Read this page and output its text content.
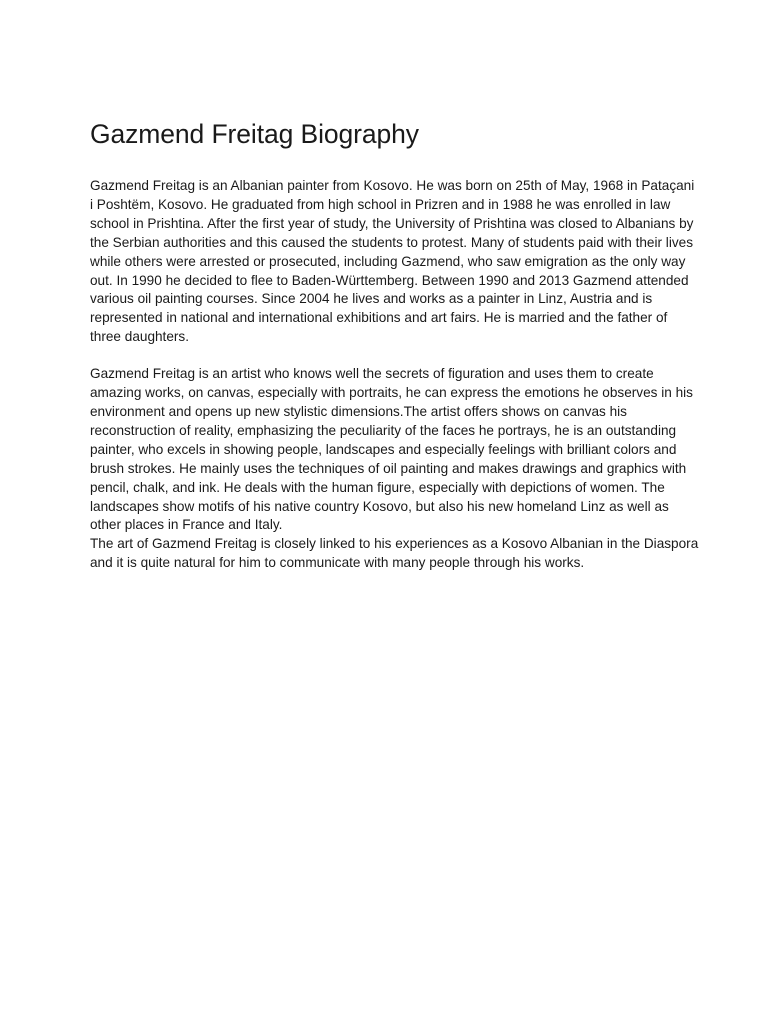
Gazmend Freitag Biography

Gazmend Freitag is an Albanian painter from Kosovo. He was born on 25th of May, 1968 in Pataçani i Poshtëm, Kosovo. He graduated from high school in Prizren and in 1988 he was enrolled in law school in Prishtina. After the first year of study, the University of Prishtina was closed to Albanians by the Serbian authorities and this caused the students to protest. Many of students paid with their lives while others were arrested or prosecuted, including Gazmend, who saw emigration as the only way out. In 1990 he decided to flee to Baden-Württemberg. Between 1990 and 2013 Gazmend attended various oil painting courses. Since 2004 he lives and works as a painter in Linz, Austria and is represented in national and international exhibitions and art fairs. He is married and the father of three daughters.

Gazmend Freitag is an artist who knows well the secrets of figuration and uses them to create amazing works, on canvas, especially with portraits, he can express the emotions he observes in his environment and opens up new stylistic dimensions.The artist offers shows on canvas his reconstruction of reality, emphasizing the peculiarity of the faces he portrays, he is an outstanding painter, who excels in showing people, landscapes and especially feelings with brilliant colors and brush strokes. He mainly uses the techniques of oil painting and makes drawings and graphics with pencil, chalk, and ink. He deals with the human figure, especially with depictions of women. The landscapes show motifs of his native country Kosovo, but also his new homeland Linz as well as other places in France and Italy.

The art of Gazmend Freitag is closely linked to his experiences as a Kosovo Albanian in the Diaspora and it is quite natural for him to communicate with many people through his works.
